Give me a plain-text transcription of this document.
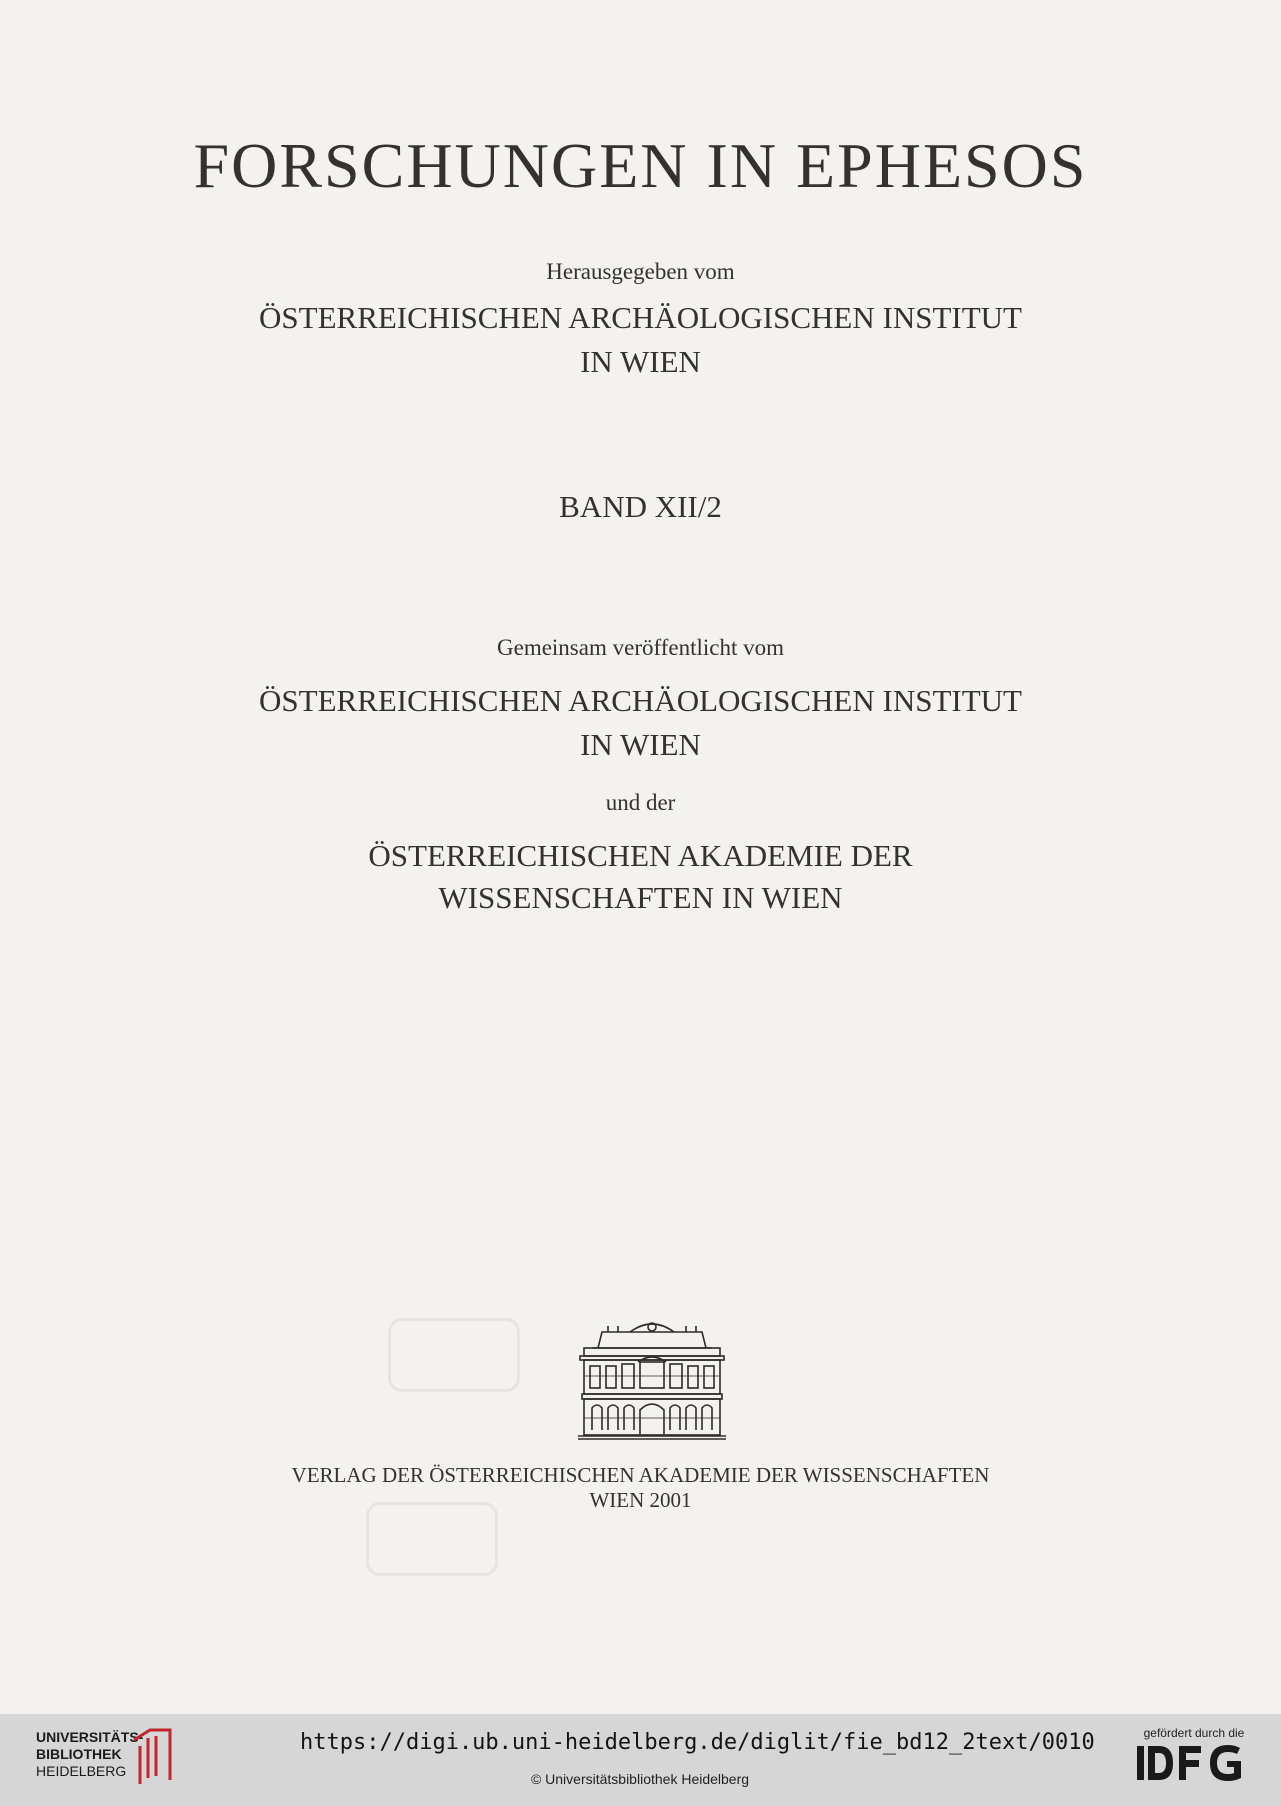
FORSCHUNGEN IN EPHESOS
Herausgegeben vom
ÖSTERREICHISCHEN ARCHÄOLOGISCHEN INSTITUT
IN WIEN
BAND XII/2
Gemeinsam veröffentlicht vom
ÖSTERREICHISCHEN ARCHÄOLOGISCHEN INSTITUT
IN WIEN
und der
ÖSTERREICHISCHEN AKADEMIE DER
WISSENSCHAFTEN IN WIEN
VERLAG DER ÖSTERREICHISCHEN AKADEMIE DER WISSENSCHAFTEN
WIEN 2001
UNIVERSITÄTS-
BIBLIOTHEK
HEIDELBERG
https://digi.ub.uni-heidelberg.de/diglit/fie_bd12_2text/0010
© Universitätsbibliothek Heidelberg
gefördert durch die
